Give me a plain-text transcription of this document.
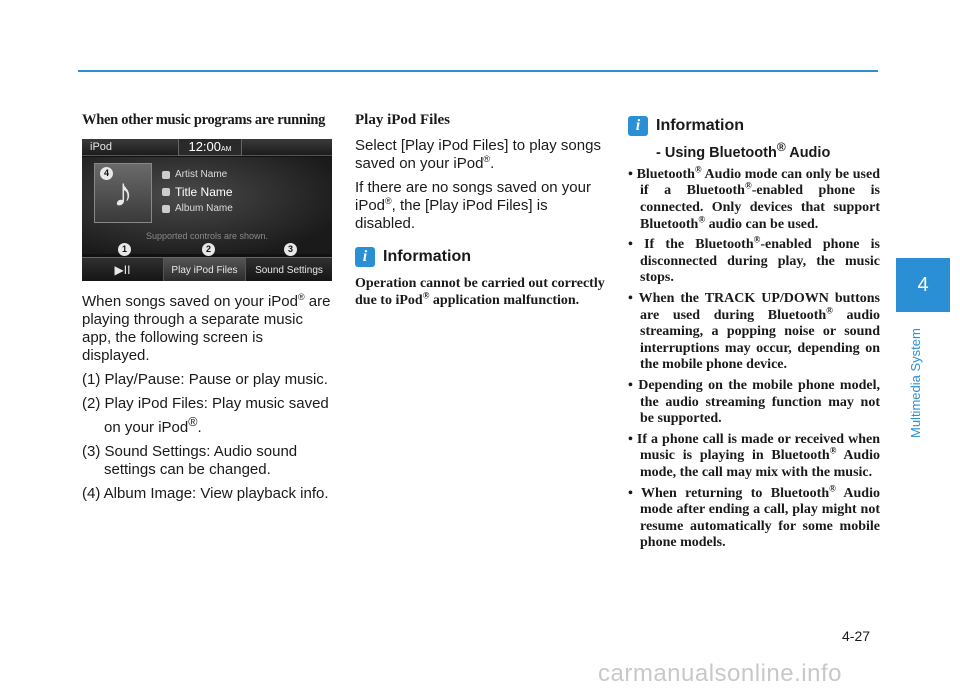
When other music programs are running
iPod	12:00AM
♪	Artist Name
Title Name
Album Name
Supported controls are shown.
4
1	2	3
▶II	Play iPod Files	Sound Settings

When songs saved on your iPod® are playing through a separate music app, the following screen is displayed.

(1) Play/Pause: Pause or play music.

(2) Play iPod Files: Play music saved on your iPod®.

(3) Sound Settings: Audio sound settings can be changed.

(4) Album Image: View playback info.

Play iPod Files

Select [Play iPod Files] to play songs saved on your iPod®.

If there are no songs saved on your iPod®, the [Play iPod Files] is disabled.

i Information

Operation cannot be carried out correctly due to iPod® application malfunction.

i Information
- Using Bluetooth® Audio

• Bluetooth® Audio mode can only be used if a Bluetooth®-enabled phone is connected. Only devices that support Bluetooth® audio can be used.

• If the Bluetooth®-enabled phone is disconnected during play, the music stops.

• When the TRACK UP/DOWN buttons are used during Bluetooth® audio streaming, a popping noise or sound interruptions may occur, depending on the mobile phone device.

• Depending on the mobile phone model, the audio streaming function may not be supported.

• If a phone call is made or received when music is playing in Bluetooth® Audio mode, the call may mix with the music.

• When returning to Bluetooth® Audio mode after ending a call, play might not resume automatically for some mobile phone models.

4
Multimedia System
4-27
carmanualsonline.info
